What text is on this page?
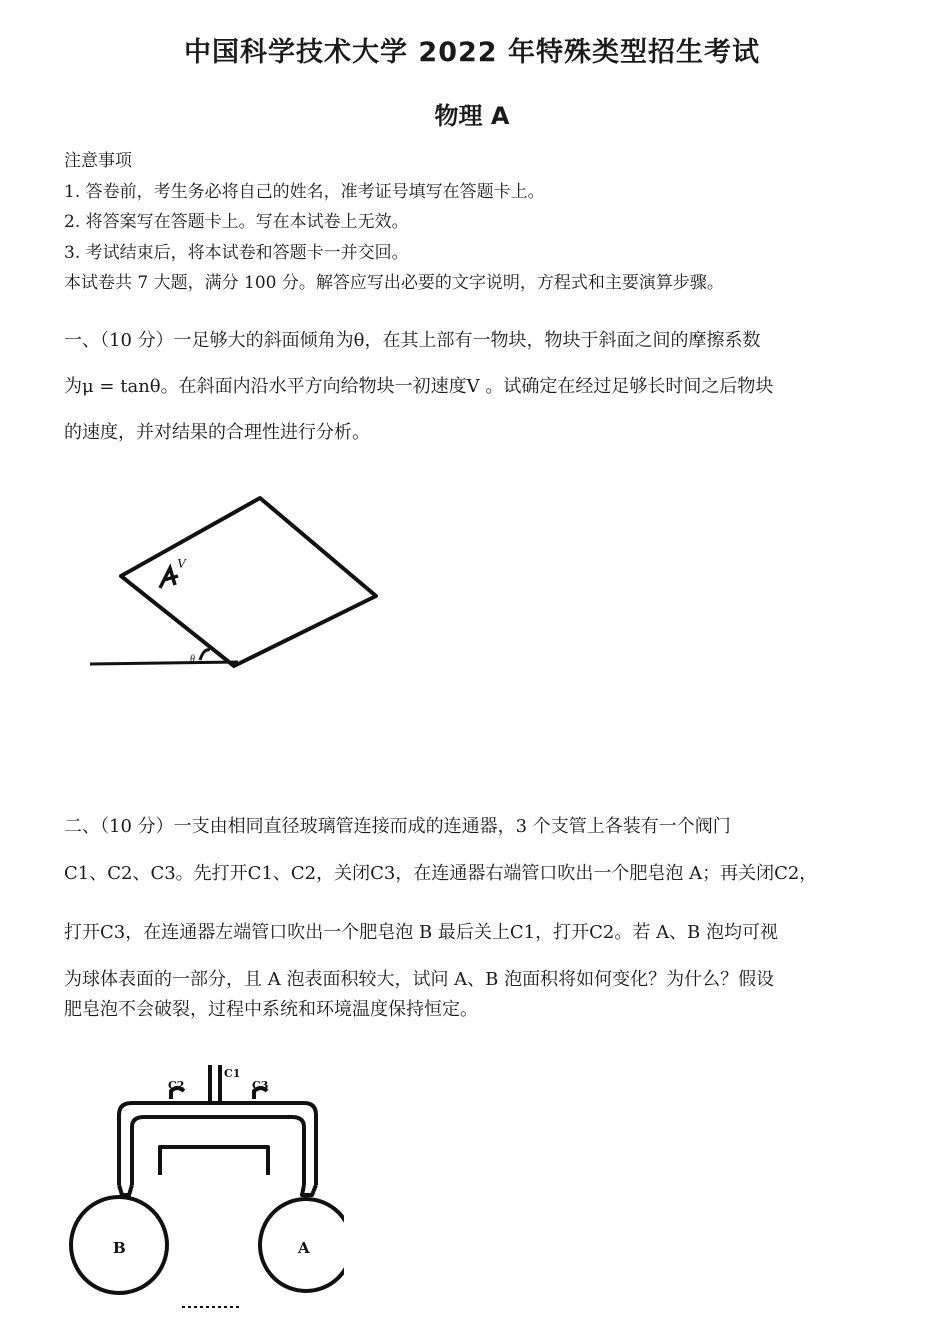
中国科学技术大学 2022 年特殊类型招生考试
物理 A
注意事项
1. 答卷前，考生务必将自己的姓名，准考证号填写在答题卡上。
2. 将答案写在答题卡上。写在本试卷上无效。
3. 考试结束后，将本试卷和答题卡一并交回。
本试卷共 7 大题，满分 100 分。解答应写出必要的文字说明，方程式和主要演算步骤。
一、（10 分）一足够大的斜面倾角为θ，在其上部有一物块，物块于斜面之间的摩擦系数
为μ = tanθ。在斜面内沿水平方向给物块一初速度V 。试确定在经过足够长时间之后物块
的速度，并对结果的合理性进行分析。
V
θ
二、（10 分）一支由相同直径玻璃管连接而成的连通器，3 个支管上各装有一个阀门
C1、C2、C3。先打开C1、C2，关闭C3，在连通器右端管口吹出一个肥皂泡 A；再关闭C2，
打开C3，在连通器左端管口吹出一个肥皂泡 B 最后关上C1，打开C2。若 A、B 泡均可视
为球体表面的一部分，且 A 泡表面积较大，试问 A、B 泡面积将如何变化？为什么？假设
肥皂泡不会破裂，过程中系统和环境温度保持恒定。
C2
C1
C3
B	A
